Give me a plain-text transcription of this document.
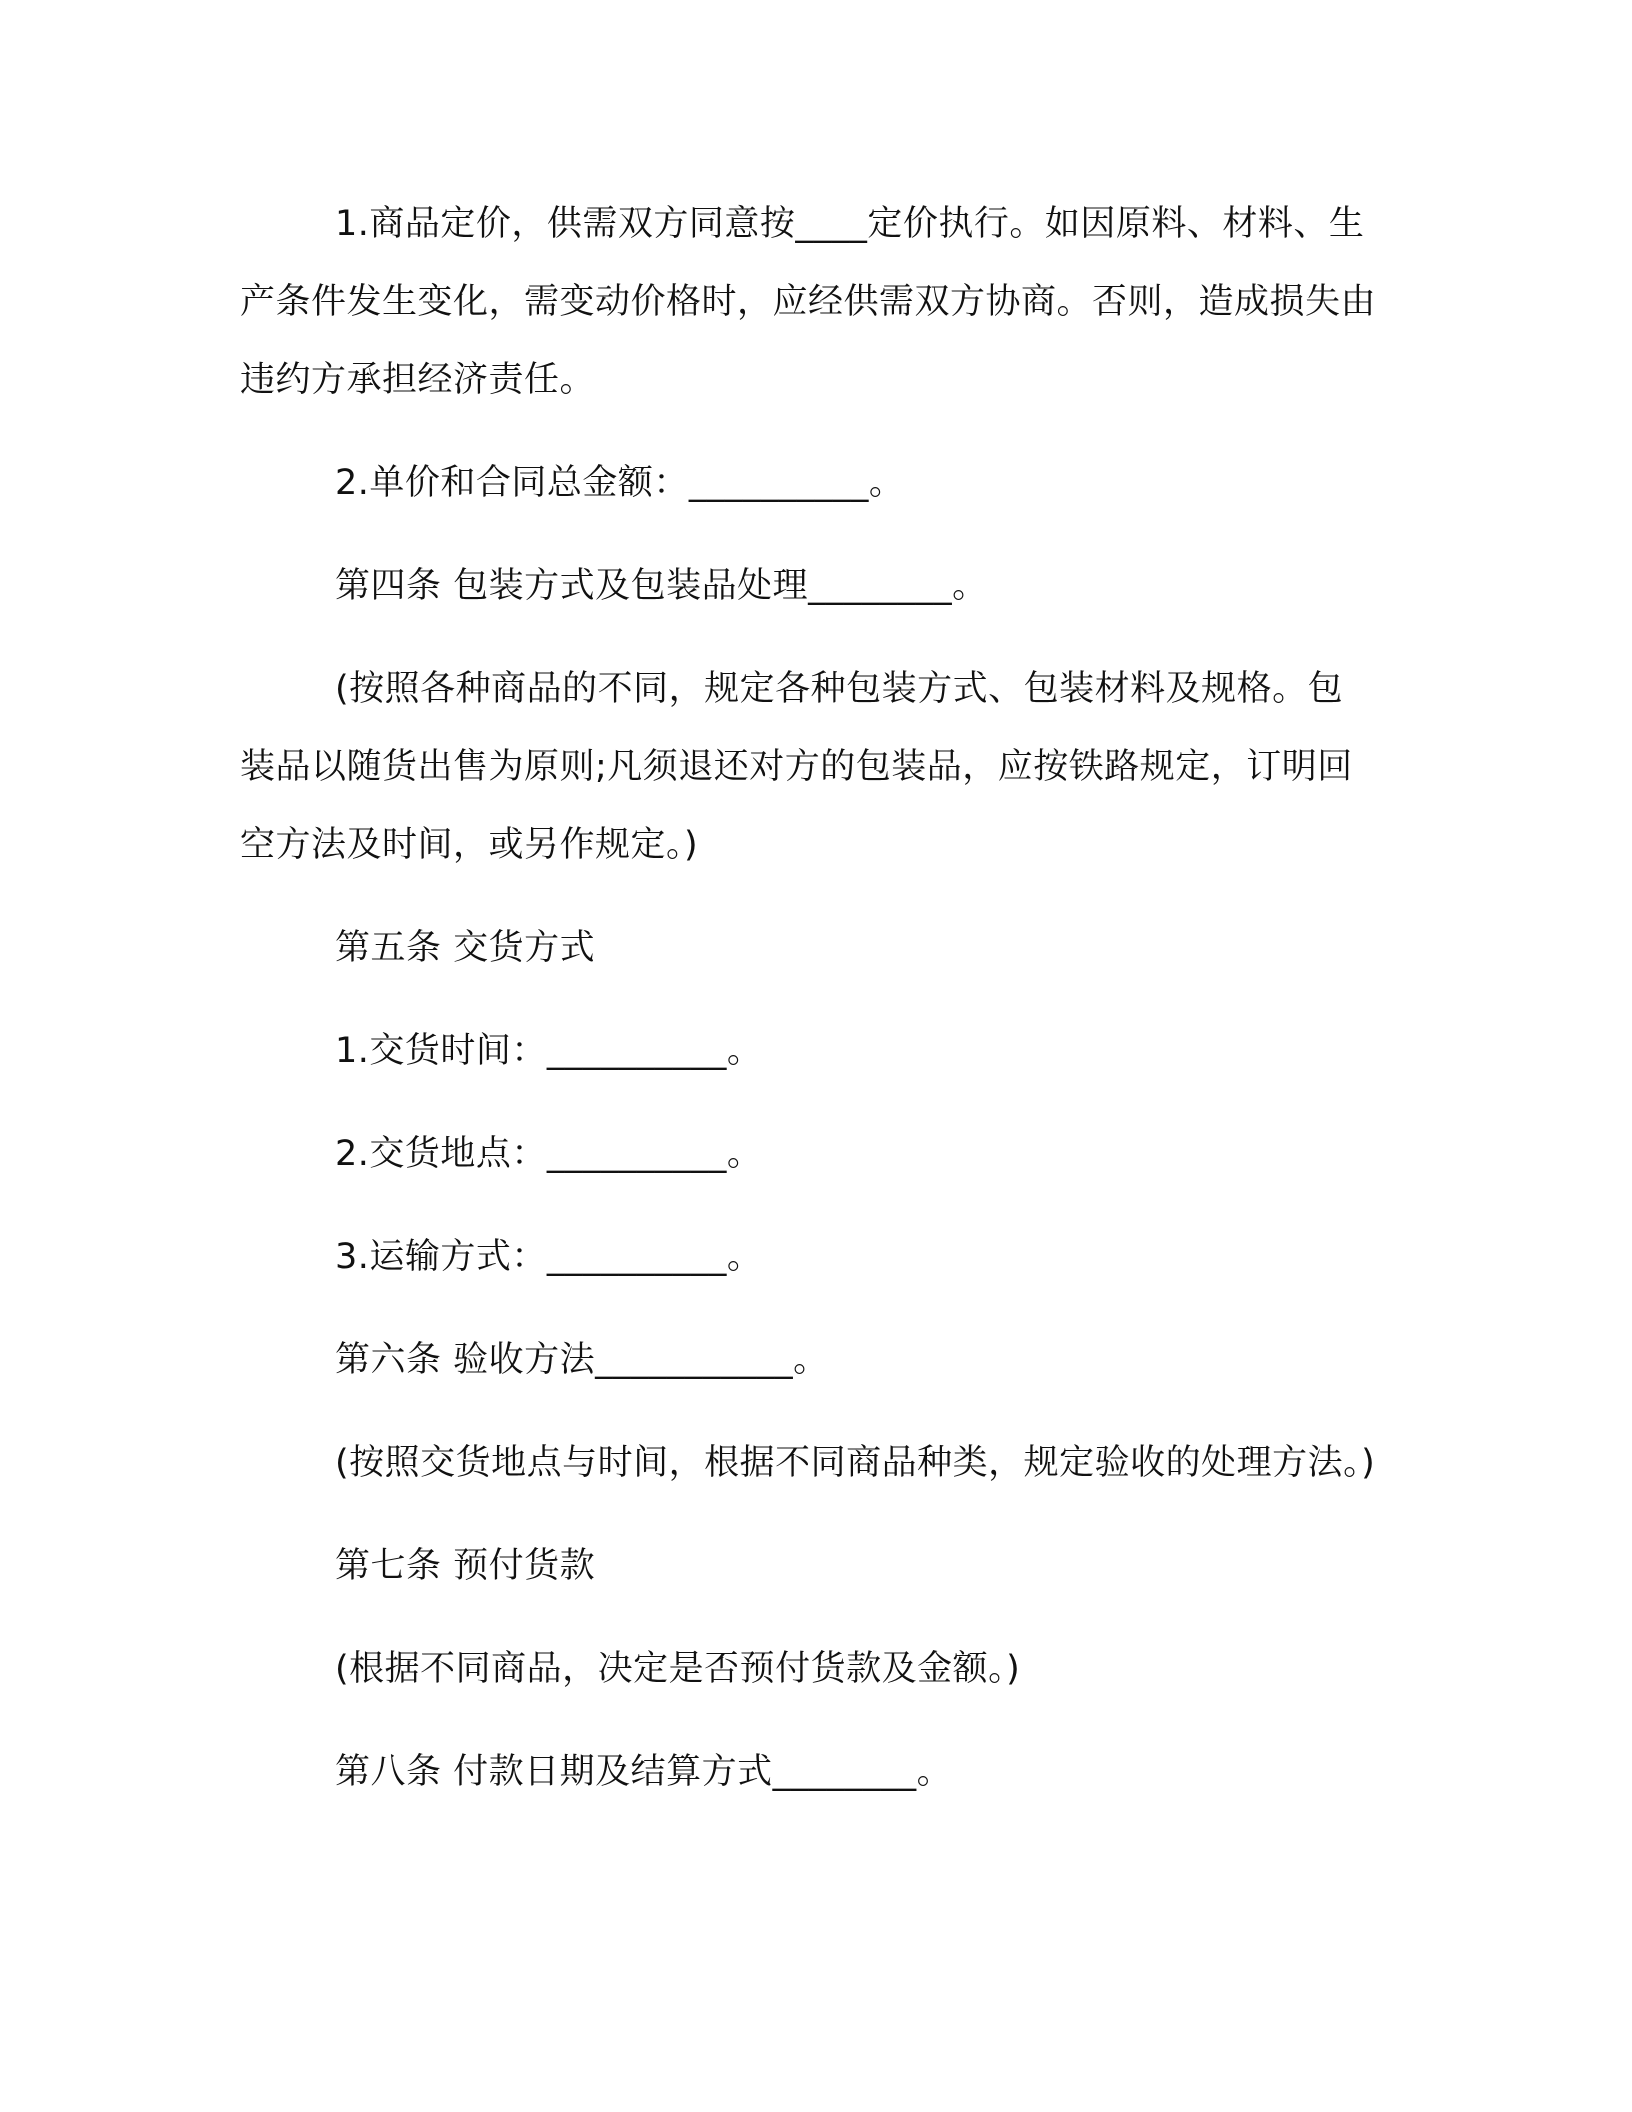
1.商品定价，供需双方同意按____定价执行。如因原料、材料、生产条件发生变化，需变动价格时，应经供需双方协商。否则，造成损失由违约方承担经济责任。

2.单价和合同总金额：__________。

第四条 包装方式及包装品处理________。

(按照各种商品的不同，规定各种包装方式、包装材料及规格。包装品以随货出售为原则;凡须退还对方的包装品，应按铁路规定，订明回空方法及时间，或另作规定。)

第五条 交货方式

1.交货时间：__________。

2.交货地点：__________。

3.运输方式：__________。

第六条 验收方法___________。

(按照交货地点与时间，根据不同商品种类，规定验收的处理方法。)

第七条 预付货款

(根据不同商品，决定是否预付货款及金额。)

第八条 付款日期及结算方式________。
